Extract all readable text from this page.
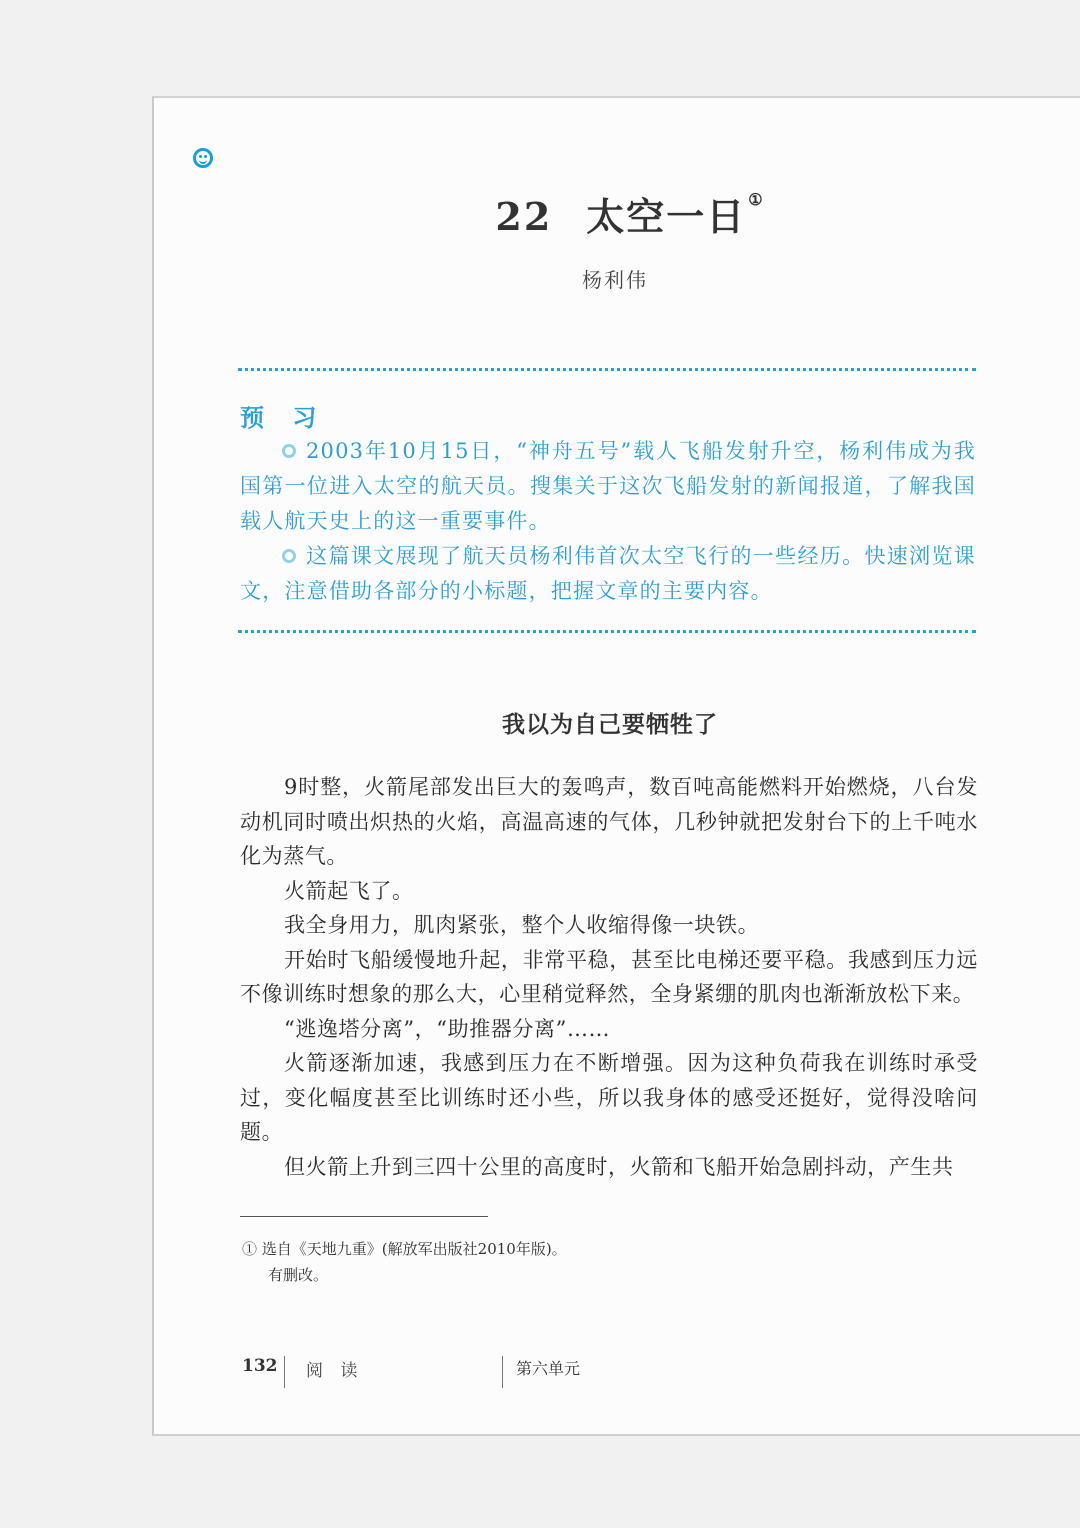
22 太空一日 ①
杨利伟
预 习

2003年10月15日，“神舟五号”载人飞船发射升空，杨利伟成为我国第一位进入太空的航天员。搜集关于这次飞船发射的新闻报道，了解我国载人航天史上的这一重要事件。

这篇课文展现了航天员杨利伟首次太空飞行的一些经历。快速浏览课文，注意借助各部分的小标题，把握文章的主要内容。

我以为自己要牺牲了

9时整，火箭尾部发出巨大的轰鸣声，数百吨高能燃料开始燃烧，八台发动机同时喷出炽热的火焰，高温高速的气体，几秒钟就把发射台下的上千吨水化为蒸气。

火箭起飞了。

我全身用力，肌肉紧张，整个人收缩得像一块铁。

开始时飞船缓慢地升起，非常平稳，甚至比电梯还要平稳。我感到压力远不像训练时想象的那么大，心里稍觉释然，全身紧绷的肌肉也渐渐放松下来。

“逃逸塔分离”，“助推器分离”……

火箭逐渐加速，我感到压力在不断增强。因为这种负荷我在训练时承受过，变化幅度甚至比训练时还小些，所以我身体的感受还挺好，觉得没啥问题。

但火箭上升到三四十公里的高度时，火箭和飞船开始急剧抖动，产生共

① 选自《天地九重》(解放军出版社2010年版)。
有删改。
132 阅 读	第六单元
